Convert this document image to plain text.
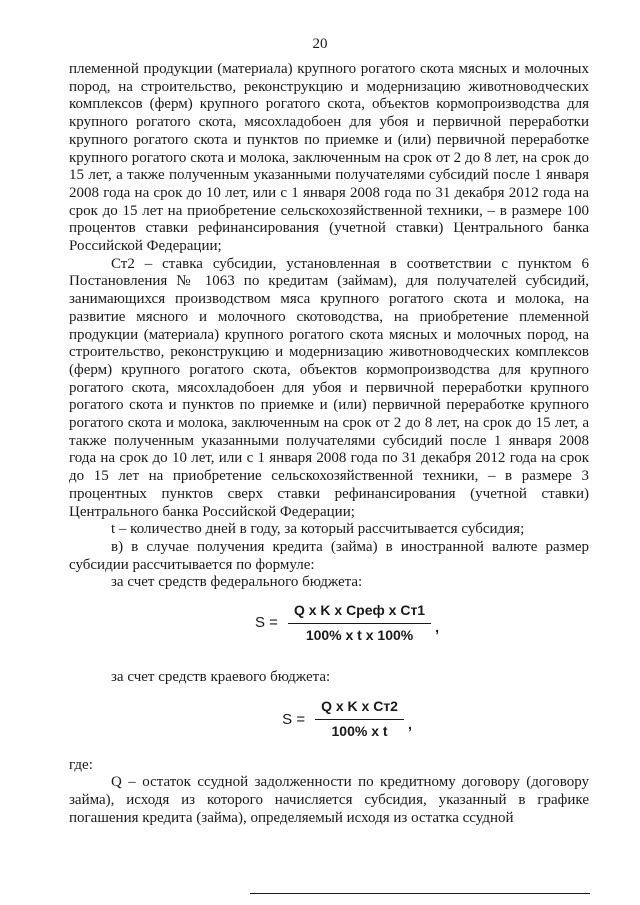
20

племенной продукции (материала) крупного рогатого скота мясных и молочных пород, на строительство, реконструкцию и модернизацию животноводческих комплексов (ферм) крупного рогатого скота, объектов кормопроизводства для крупного рогатого скота, мясохладобоен для убоя и первичной переработки крупного рогатого скота и пунктов по приемке и (или) первичной переработке крупного рогатого скота и молока, заключенным на срок от 2 до 8 лет, на срок до 15 лет, а также полученным указанными получателями субсидий после 1 января 2008 года на срок до 10 лет, или с 1 января 2008 года по 31 декабря 2012 года на срок до 15 лет на приобретение сельскохозяйственной техники, – в размере 100 процентов ставки рефинансирования (учетной ставки) Центрального банка Российской Федерации;

Ст2 – ставка субсидии, установленная в соответствии с пунктом 6 Постановления № 1063 по кредитам (займам), для получателей субсидий, занимающихся производством мяса крупного рогатого скота и молока, на развитие мясного и молочного скотоводства, на приобретение племенной продукции (материала) крупного рогатого скота мясных и молочных пород, на строительство, реконструкцию и модернизацию животноводческих комплексов (ферм) крупного рогатого скота, объектов кормопроизводства для крупного рогатого скота, мясохладобоен для убоя и первичной переработки крупного рогатого скота и пунктов по приемке и (или) первичной переработке крупного рогатого скота и молока, заключенным на срок от 2 до 8 лет, на срок до 15 лет, а также полученным указанными получателями субсидий после 1 января 2008 года на срок до 10 лет, или с 1 января 2008 года по 31 декабря 2012 года на срок до 15 лет на приобретение сельскохозяйственной техники, – в размере 3 процентных пунктов сверх ставки рефинансирования (учетной ставки) Центрального банка Российской Федерации;

t – количество дней в году, за который рассчитывается субсидия;

в) в случае получения кредита (займа) в иностранной валюте размер субсидии рассчитывается по формуле:

за счет средств федерального бюджета:

$S = \frac{\text{Q x K x Cреф x Ст1}}{\text{100\% x t x 100\%}}$ ,

за счет средств краевого бюджета:

$S = \frac{\text{Q x K x Ст2}}{\text{100\% x t}}$ ,

где:

Q – остаток ссудной задолженности по кредитному договору (договору займа), исходя из которого начисляется субсидия, указанный в графике погашения кредита (займа), определяемый исходя из остатка ссудной
